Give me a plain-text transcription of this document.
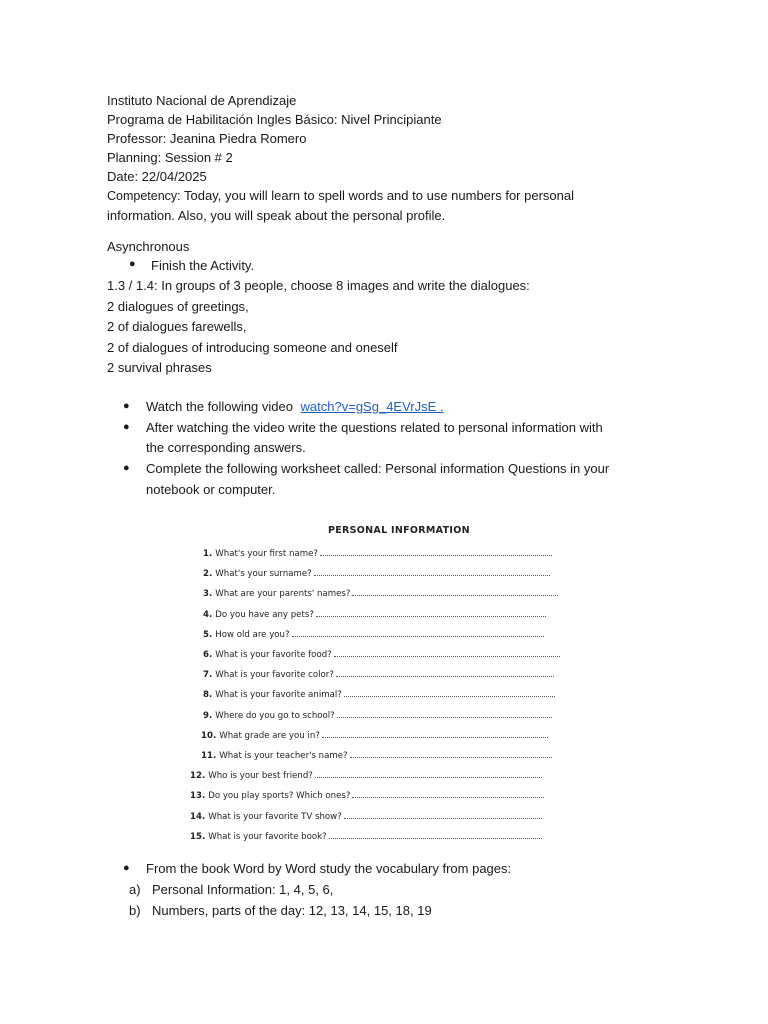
Instituto Nacional de Aprendizaje
Programa de Habilitación Ingles Básico: Nivel Principiante
Professor: Jeanina Piedra Romero
Planning: Session # 2
Date: 22/04/2025
Competency: Today, you will learn to spell words and to use numbers for personal
information. Also, you will speak about the personal profile.
Asynchronous
● Finish the Activity.
1.3 / 1.4: In groups of 3 people, choose 8 images and write the dialogues:
2 dialogues of greetings,
2 of dialogues farewells,
2 of dialogues of introducing someone and oneself
2 survival phrases
● Watch the following video watch?v=gSg_4EVrJsE .
● After watching the video write the questions related to personal information with
the corresponding answers.
● Complete the following worksheet called: Personal information Questions in your
notebook or computer.
PERSONAL INFORMATION
1. What's your first name?
2. What's your surname?
3. What are your parents' names?
4. Do you have any pets?
5. How old are you?
6. What is your favorite food?
7. What is your favorite color?
8. What is your favorite animal?
9. Where do you go to school?
10. What grade are you in?
11. What is your teacher's name?
12. Who is your best friend?
13. Do you play sports? Which ones?
14. What is your favorite TV show?
15. What is your favorite book?
● From the book Word by Word study the vocabulary from pages:
a) Personal Information: 1, 4, 5, 6,
b) Numbers, parts of the day: 12, 13, 14, 15, 18, 19
